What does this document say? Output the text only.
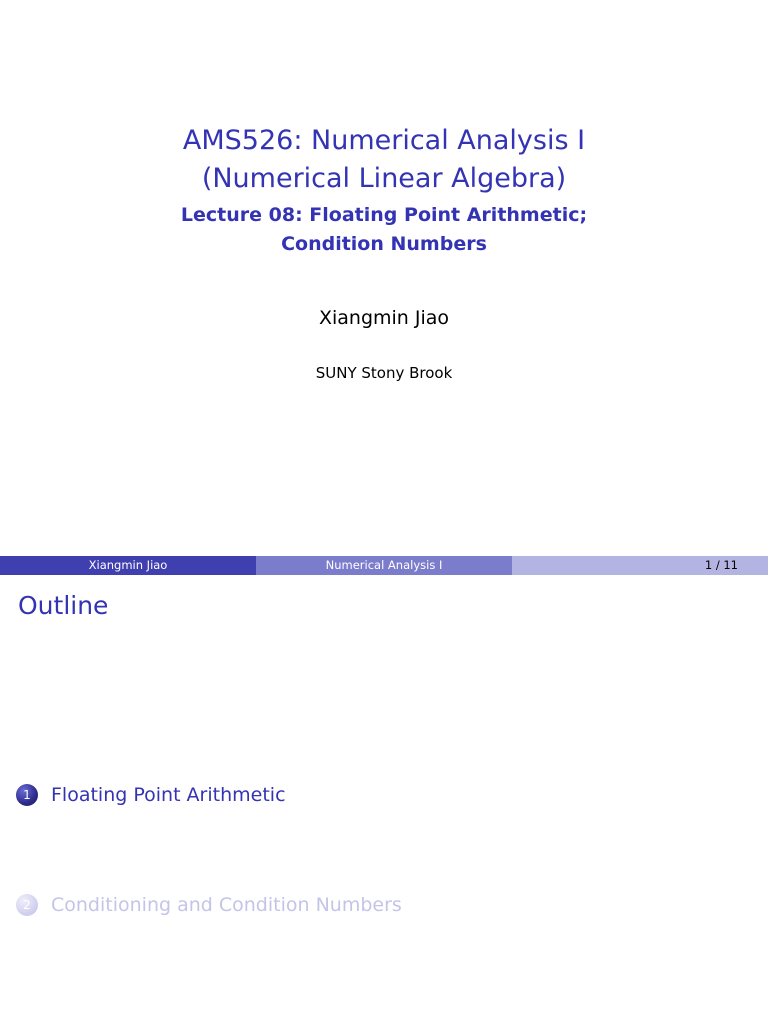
AMS526: Numerical Analysis I
(Numerical Linear Algebra)
Lecture 08: Floating Point Arithmetic;
Condition Numbers
Xiangmin Jiao
SUNY Stony Brook
Xiangmin Jiao	Numerical Analysis I	1 / 11
Outline
1	Floating Point Arithmetic
2	Conditioning and Condition Numbers
